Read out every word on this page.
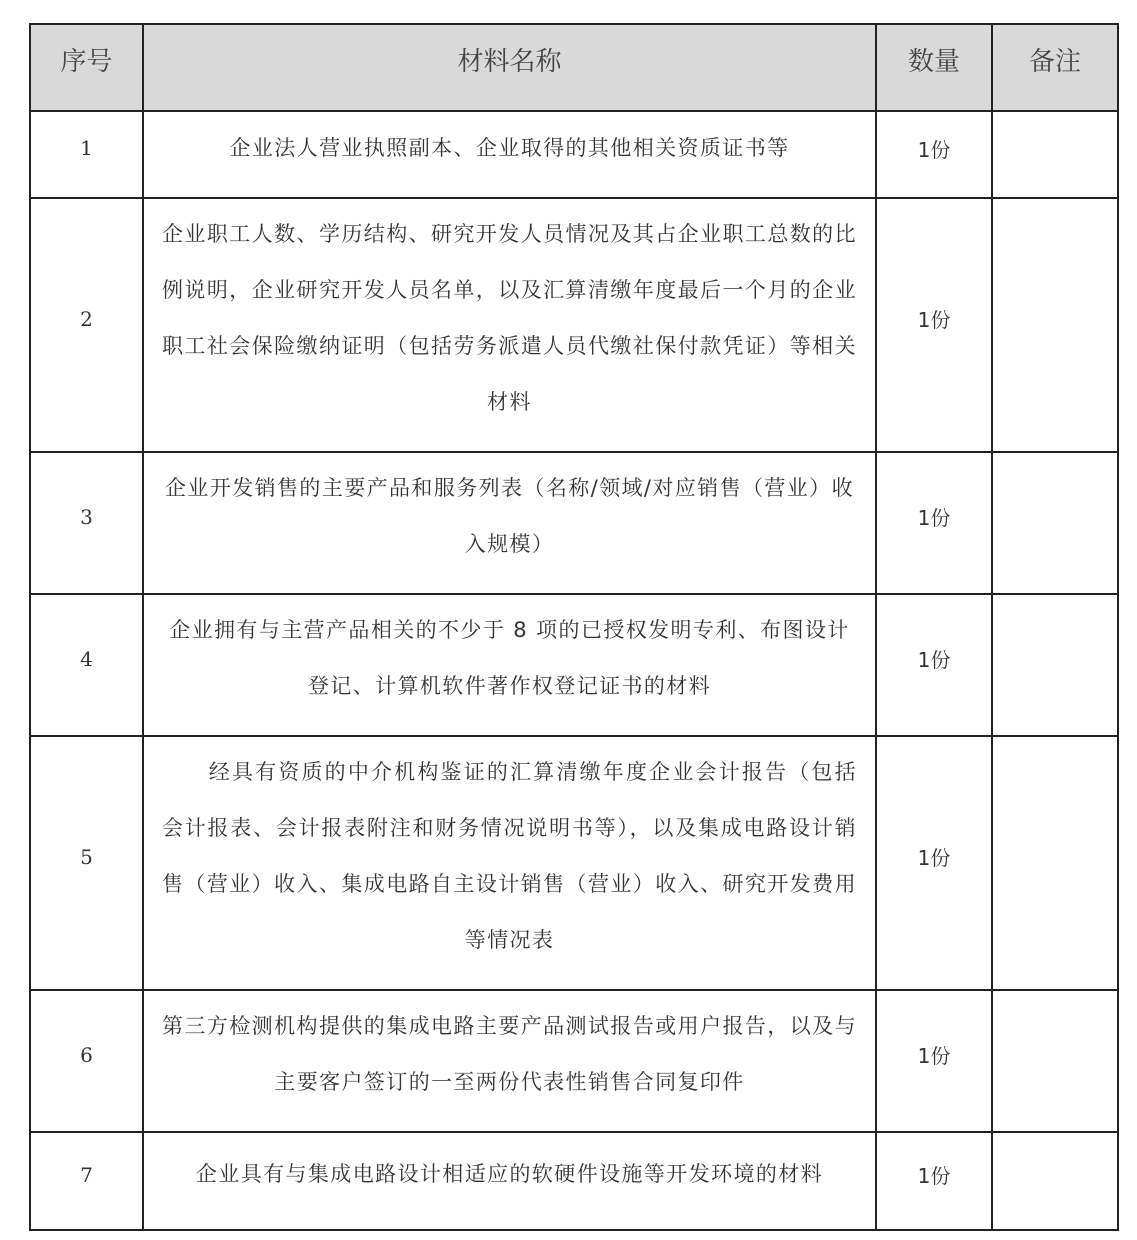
序号	材料名称	数量	备注
1	企业法人营业执照副本、企业取得的其他相关资质证书等	1份	
2	企业职工人数、学历结构、研究开发人员情况及其占企业职工总数的比例说明，企业研究开发人员名单，以及汇算清缴年度最后一个月的企业职工社会保险缴纳证明（包括劳务派遣人员代缴社保付款凭证）等相关材料	1份	
3	企业开发销售的主要产品和服务列表（名称/领域/对应销售（营业）收入规模）	1份	
4	企业拥有与主营产品相关的不少于 8 项的已授权发明专利、布图设计登记、计算机软件著作权登记证书的材料	1份	
5	经具有资质的中介机构鉴证的汇算清缴年度企业会计报告（包括会计报表、会计报表附注和财务情况说明书等），以及集成电路设计销售（营业）收入、集成电路自主设计销售（营业）收入、研究开发费用等情况表	1份	
6	第三方检测机构提供的集成电路主要产品测试报告或用户报告，以及与主要客户签订的一至两份代表性销售合同复印件	1份	
7	企业具有与集成电路设计相适应的软硬件设施等开发环境的材料	1份	
